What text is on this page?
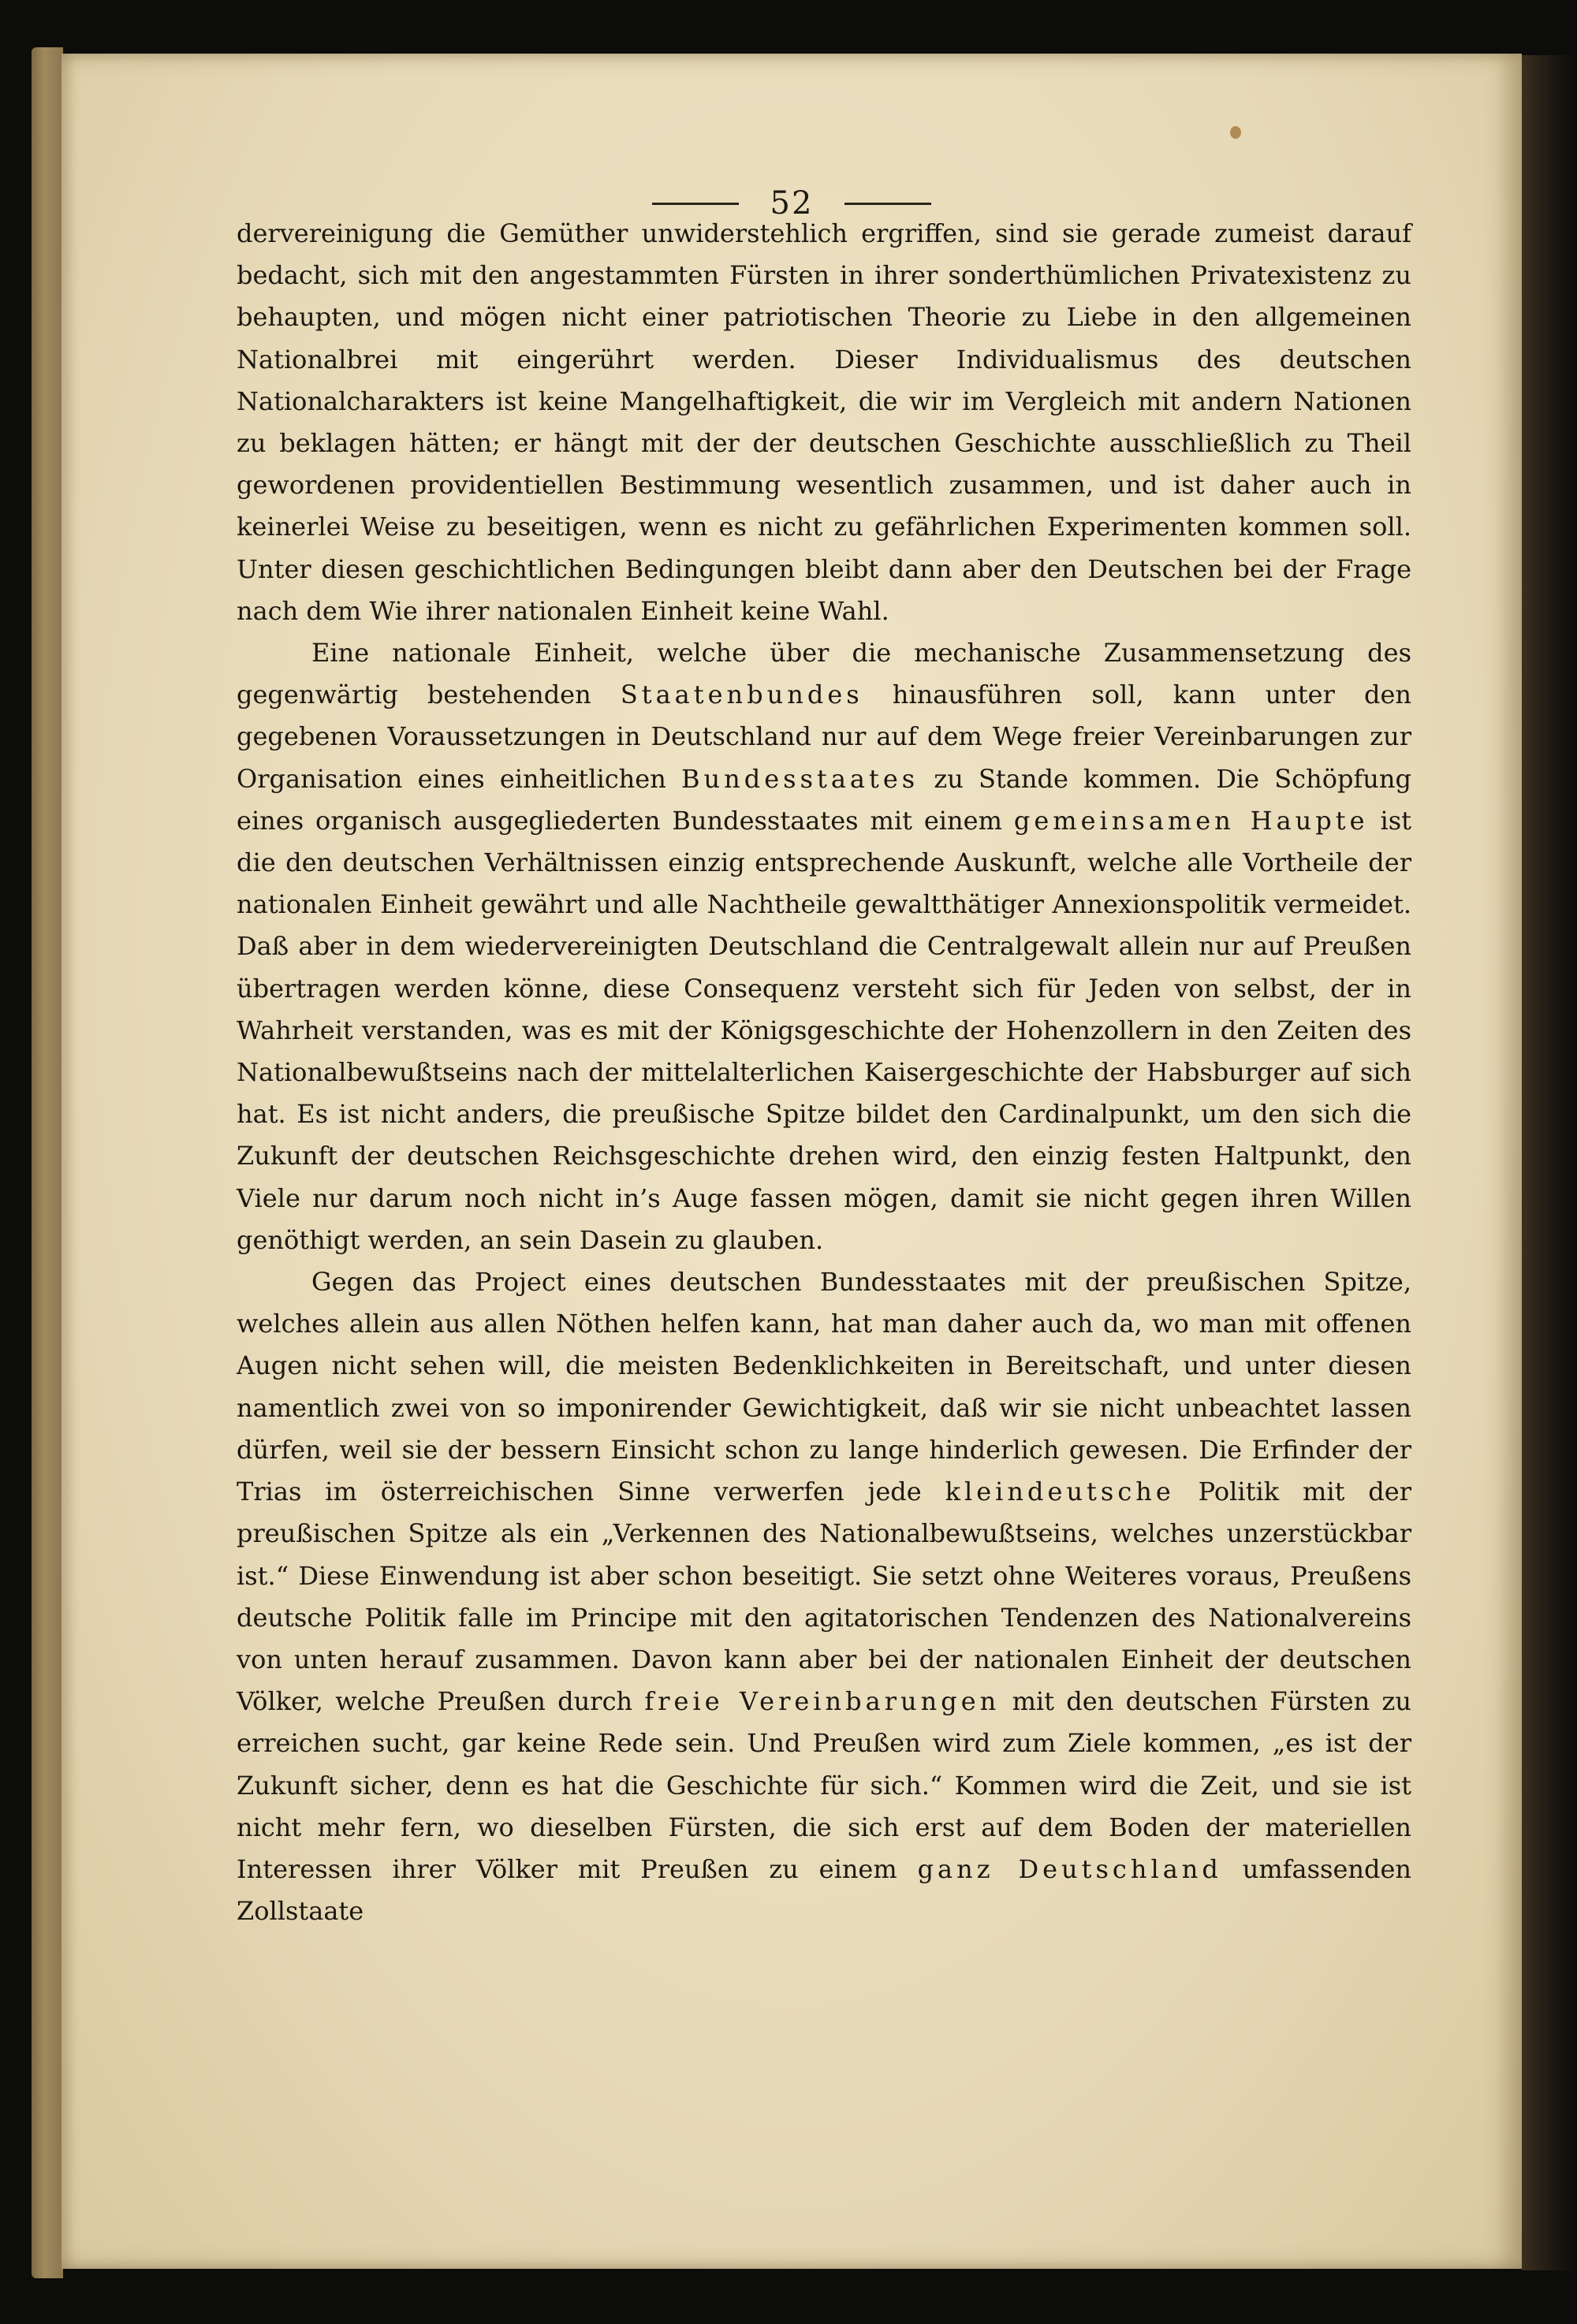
52

dervereinigung die Gemüther unwiderstehlich ergriffen, sind sie gerade zumeist darauf bedacht, sich mit den angestammten Fürsten in ihrer sonderthümlichen Privatexistenz zu behaupten, und mögen nicht einer patriotischen Theorie zu Liebe in den allgemeinen Nationalbrei mit eingerührt werden. Dieser Individualismus des deutschen Nationalcharakters ist keine Mangelhaftigkeit, die wir im Vergleich mit andern Nationen zu beklagen hätten; er hängt mit der der deutschen Geschichte ausschließlich zu Theil gewordenen providentiellen Bestimmung wesentlich zusammen, und ist daher auch in keinerlei Weise zu beseitigen, wenn es nicht zu gefährlichen Experimenten kommen soll. Unter diesen geschichtlichen Bedingungen bleibt dann aber den Deutschen bei der Frage nach dem Wie ihrer nationalen Einheit keine Wahl.

Eine nationale Einheit, welche über die mechanische Zusammensetzung des gegenwärtig bestehenden Staatenbundes hinausführen soll, kann unter den gegebenen Voraussetzungen in Deutschland nur auf dem Wege freier Vereinbarungen zur Organisation eines einheitlichen Bundesstaates zu Stande kommen. Die Schöpfung eines organisch ausgegliederten Bundesstaates mit einem gemeinsamen Haupte ist die den deutschen Verhältnissen einzig entsprechende Auskunft, welche alle Vortheile der nationalen Einheit gewährt und alle Nachtheile gewaltthätiger Annexionspolitik vermeidet. Daß aber in dem wiedervereinigten Deutschland die Centralgewalt allein nur auf Preußen übertragen werden könne, diese Consequenz versteht sich für Jeden von selbst, der in Wahrheit verstanden, was es mit der Königsgeschichte der Hohenzollern in den Zeiten des Nationalbewußtseins nach der mittelalterlichen Kaisergeschichte der Habsburger auf sich hat. Es ist nicht anders, die preußische Spitze bildet den Cardinalpunkt, um den sich die Zukunft der deutschen Reichsgeschichte drehen wird, den einzig festen Haltpunkt, den Viele nur darum noch nicht in’s Auge fassen mögen, damit sie nicht gegen ihren Willen genöthigt werden, an sein Dasein zu glauben.

Gegen das Project eines deutschen Bundesstaates mit der preußischen Spitze, welches allein aus allen Nöthen helfen kann, hat man daher auch da, wo man mit offenen Augen nicht sehen will, die meisten Bedenklichkeiten in Bereitschaft, und unter diesen namentlich zwei von so imponirender Gewichtigkeit, daß wir sie nicht unbeachtet lassen dürfen, weil sie der bessern Einsicht schon zu lange hinderlich gewesen. Die Erfinder der Trias im österreichischen Sinne verwerfen jede kleindeutsche Politik mit der preußischen Spitze als ein „Verkennen des Nationalbewußtseins, welches unzerstückbar ist.“ Diese Einwendung ist aber schon beseitigt. Sie setzt ohne Weiteres voraus, Preußens deutsche Politik falle im Principe mit den agitatorischen Tendenzen des Nationalvereins von unten herauf zusammen. Davon kann aber bei der nationalen Einheit der deutschen Völker, welche Preußen durch freie Vereinbarungen mit den deutschen Fürsten zu erreichen sucht, gar keine Rede sein. Und Preußen wird zum Ziele kommen, „es ist der Zukunft sicher, denn es hat die Geschichte für sich.“ Kommen wird die Zeit, und sie ist nicht mehr fern, wo dieselben Fürsten, die sich erst auf dem Boden der materiellen Interessen ihrer Völker mit Preußen zu einem ganz Deutschland umfassenden Zollstaate
